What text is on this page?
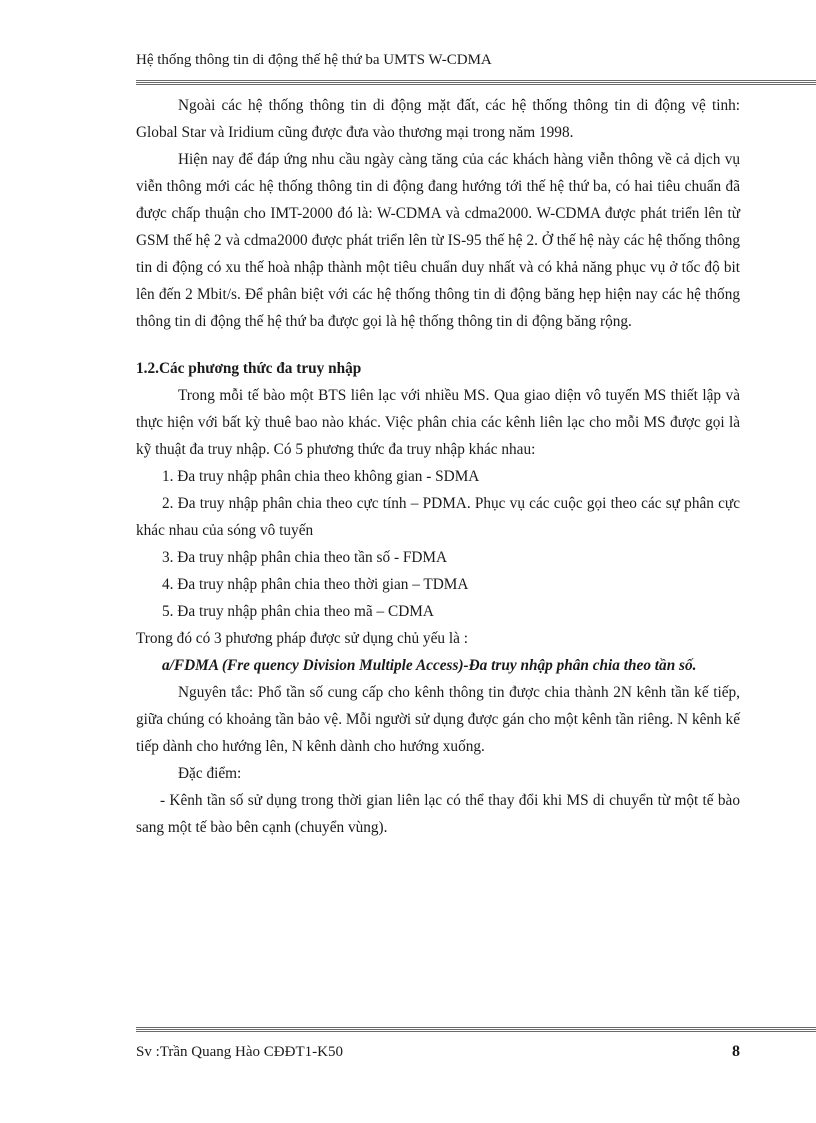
Hệ thống thông tin di động thế hệ thứ ba UMTS W-CDMA

Ngoài các hệ thống thông tin di động mặt đất, các hệ thống thông tin di động vệ tinh: Global Star và Iridium cũng được đưa vào thương mại trong năm 1998.

Hiện nay để đáp ứng nhu cầu ngày càng tăng của các khách hàng viễn thông về cả dịch vụ viễn thông mới các hệ thống thông tin di động đang hướng tới thế hệ thứ ba, có hai tiêu chuẩn đã được chấp thuận cho IMT-2000 đó là: W-CDMA và cdma2000. W-CDMA được phát triển lên từ GSM thế hệ 2 và cdma2000 được phát triển lên từ IS-95 thế hệ 2. Ở thế hệ này các hệ thống thông tin di động có xu thế hoà nhập thành một tiêu chuẩn duy nhất và có khả năng phục vụ ở tốc độ bit lên đến 2 Mbit/s. Để phân biệt với các hệ thống thông tin di động băng hẹp hiện nay các hệ thống thông tin di động thế hệ thứ ba được gọi là hệ thống thông tin di động băng rộng.

1.2.Các phương thức đa truy nhập

Trong mỗi tế bào một BTS liên lạc với nhiều MS. Qua giao diện vô tuyến MS thiết lập và thực hiện với bất kỳ thuê bao nào khác. Việc phân chia các kênh liên lạc cho mỗi MS được gọi là kỹ thuật đa truy nhập. Có 5 phương thức đa truy nhập khác nhau:

1. Đa truy nhập phân chia theo không gian - SDMA

2. Đa truy nhập phân chia theo cực tính – PDMA. Phục vụ các cuộc gọi theo các sự phân cực khác nhau của sóng vô tuyến

3. Đa truy nhập phân chia theo tần số - FDMA

4. Đa truy nhập phân chia theo thời gian – TDMA

5. Đa truy nhập phân chia theo mã – CDMA

Trong đó có 3 phương pháp được sử dụng chủ yếu là :

a/FDMA (Fre quency Division Multiple Access)-Đa truy nhập phân chia theo tần số.

Nguyên tắc: Phổ tần số cung cấp cho kênh thông tin được chia thành 2N kênh tần kế tiếp, giữa chúng có khoảng tần bảo vệ. Mỗi người sử dụng được gán cho một kênh tần riêng. N kênh kế tiếp dành cho hướng lên, N kênh dành cho hướng xuống.

Đặc điểm:

- Kênh tần số sử dụng trong thời gian liên lạc có thể thay đổi khi MS di chuyển từ một tế bào sang một tế bào bên cạnh (chuyển vùng).

Sv :Trần Quang Hào CĐĐT1-K50	8
